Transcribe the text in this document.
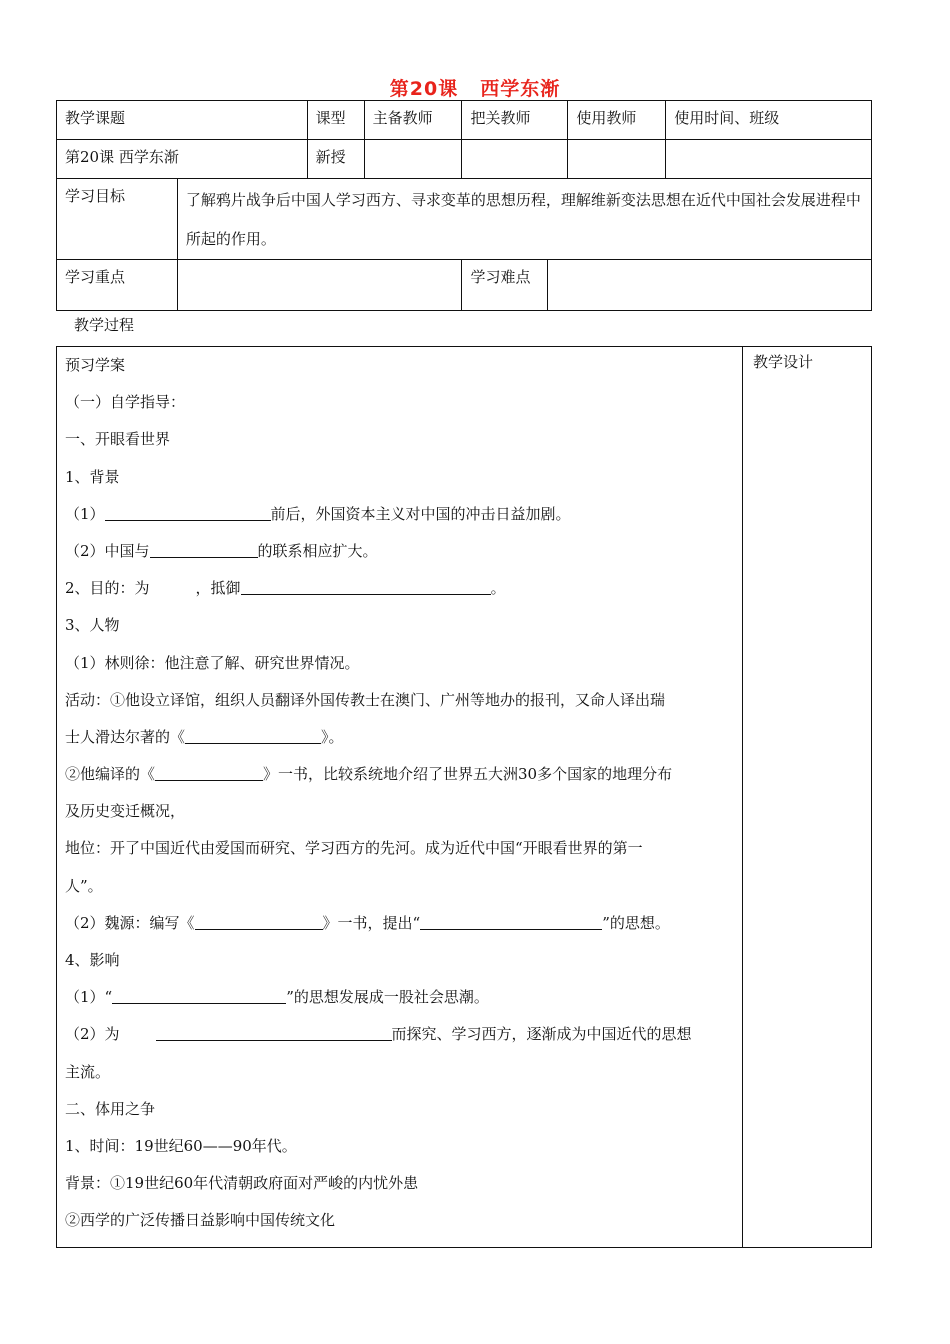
第20课 西学东渐
教学课题		课型	主备教师	把关教师		使用教师	使用时间、班级
第20课 西学东渐		新授					
学习目标	了解鸦片战争后中国人学习西方、寻求变革的思想历程，理解维新变法思想在近代中国社会发展进程中所起的作用。						
学习重点				学习难点			
教学过程
预习学案
（一）自学指导：
一、开眼看世界
1、背景
（1）	前后，外国资本主义对中国的冲击日益加剧。
（2）中国与	的联系相应扩大。
2、目的：为	，抵御	。
3、人物
（1）林则徐：他注意了解、研究世界情况。
活动：①他设立译馆，组织人员翻译外国传教士在澳门、广州等地办的报刊，又命人译出瑞
士人滑达尔著的《	》。
②他编译的《	》一书，比较系统地介绍了世界五大洲30多个国家的地理分布
及历史变迁概况，
地位：开了中国近代由爱国而研究、学习西方的先河。成为近代中国“开眼看世界的第一
人”。
（2）魏源：编写《	》一书，提出“	”的思想。
4、影响
（1）“	”的思想发展成一股社会思潮。
（2）为	而探究、学习西方，逐渐成为中国近代的思想
主流。
二、体用之争
1、时间：19世纪60——90年代。
背景：①19世纪60年代清朝政府面对严峻的内忧外患
②西学的广泛传播日益影响中国传统文化
	教学设计
